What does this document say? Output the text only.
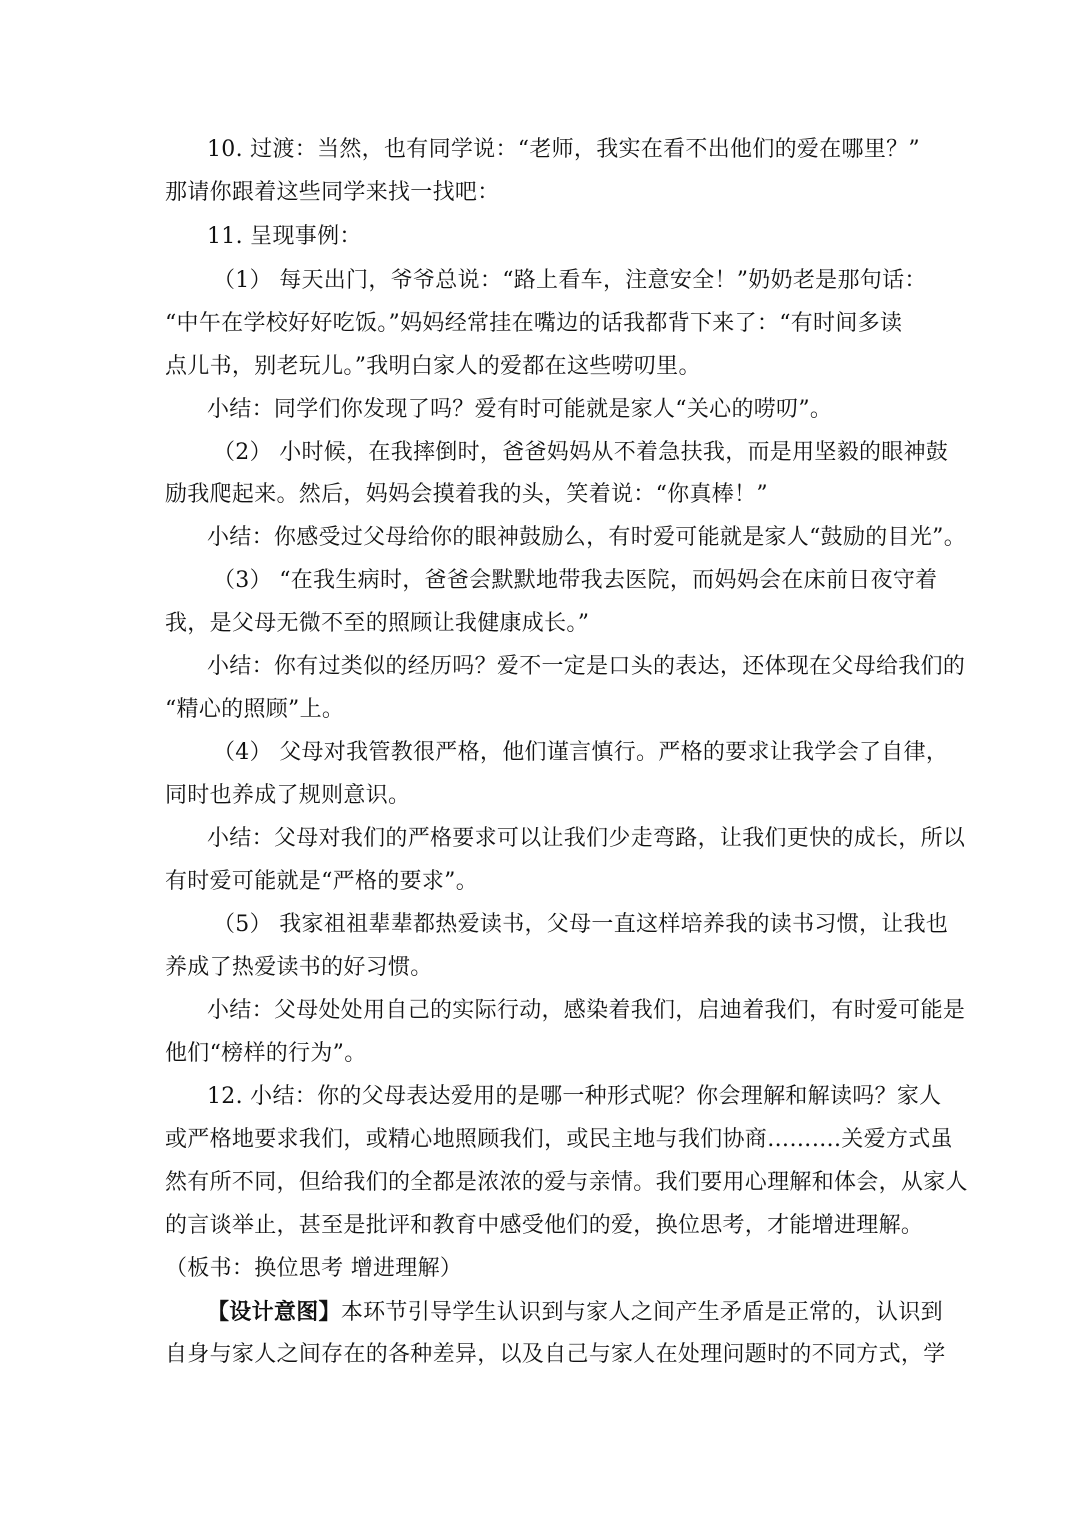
10. 过渡：当然，也有同学说：“老师，我实在看不出他们的爱在哪里？”
那请你跟着这些同学来找一找吧：
11. 呈现事例：
（1） 每天出门，爷爷总说：“路上看车，注意安全！”奶奶老是那句话：
“中午在学校好好吃饭。”妈妈经常挂在嘴边的话我都背下来了：“有时间多读
点儿书，别老玩儿。”我明白家人的爱都在这些唠叨里。
小结：同学们你发现了吗？爱有时可能就是家人“关心的唠叨”。
（2） 小时候，在我摔倒时，爸爸妈妈从不着急扶我，而是用坚毅的眼神鼓
励我爬起来。然后，妈妈会摸着我的头，笑着说：“你真棒！”
小结：你感受过父母给你的眼神鼓励么，有时爱可能就是家人“鼓励的目光”。
（3） “在我生病时，爸爸会默默地带我去医院，而妈妈会在床前日夜守着
我，是父母无微不至的照顾让我健康成长。”
小结：你有过类似的经历吗？爱不一定是口头的表达，还体现在父母给我们的
“精心的照顾”上。
（4） 父母对我管教很严格，他们谨言慎行。严格的要求让我学会了自律，
同时也养成了规则意识。
小结：父母对我们的严格要求可以让我们少走弯路，让我们更快的成长，所以
有时爱可能就是“严格的要求”。
（5） 我家祖祖辈辈都热爱读书，父母一直这样培养我的读书习惯，让我也
养成了热爱读书的好习惯。
小结：父母处处用自己的实际行动，感染着我们，启迪着我们，有时爱可能是
他们“榜样的行为”。
12. 小结：你的父母表达爱用的是哪一种形式呢？你会理解和解读吗？家人
或严格地要求我们，或精心地照顾我们，或民主地与我们协商……….关爱方式虽
然有所不同，但给我们的全都是浓浓的爱与亲情。我们要用心理解和体会，从家人
的言谈举止，甚至是批评和教育中感受他们的爱，换位思考，才能增进理解。
（板书：换位思考 增进理解）
【设计意图】本环节引导学生认识到与家人之间产生矛盾是正常的，认识到
自身与家人之间存在的各种差异，以及自己与家人在处理问题时的不同方式，学
